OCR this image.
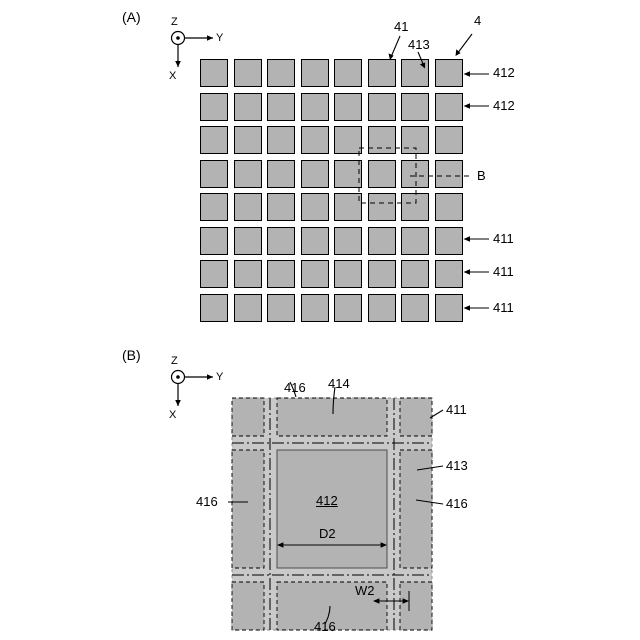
(A)	Z
Y
X
41	4
413
412
412
B
411
411
411
(B)	Z
Y
X
412
416 414
411
413
416
416
416
D2
W2
